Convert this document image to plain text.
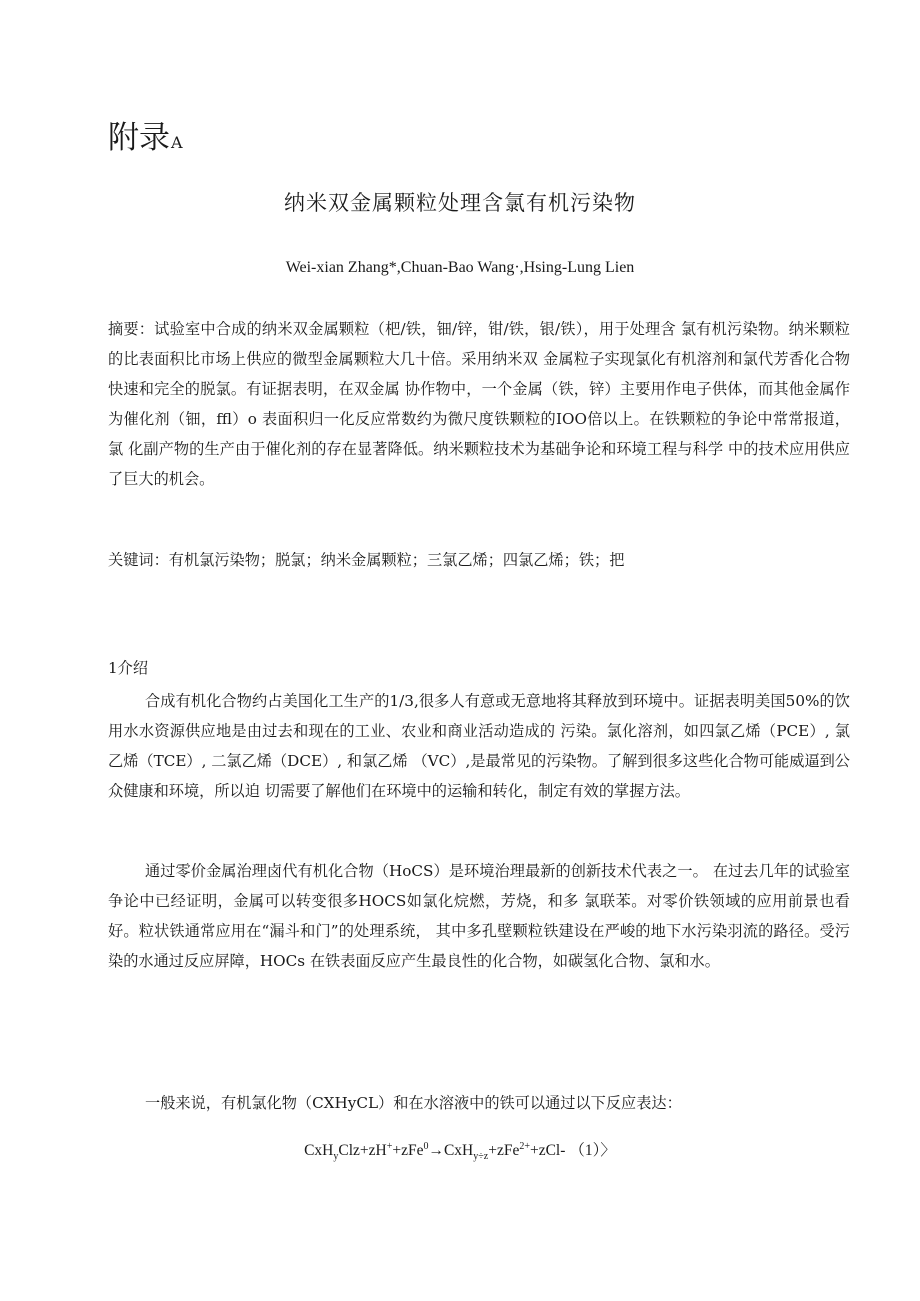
附录A
纳米双金属颗粒处理含氯有机污染物
Wei-xian Zhang*,Chuan-Bao Wang·,Hsing-Lung Lien

摘要：试验室中合成的纳米双金属颗粒（杷/铁，钿/锌，钳/铁，银/铁），用于处理含 氯有机污染物。纳米颗粒的比表面积比市场上供应的微型金属颗粒大几十倍。采用纳米双 金属粒子实现氯化有机溶剂和氯代芳香化合物快速和完全的脱氯。有证据表明，在双金属 协作物中，一个金属（铁，锌）主要用作电子供体，而其他金属作为催化剂（钿，ffl）o 表面积归一化反应常数约为微尺度铁颗粒的IOO倍以上。在铁颗粒的争论中常常报道，氯 化副产物的生产由于催化剂的存在显著降低。纳米颗粒技术为基础争论和环境工程与科学 中的技术应用供应了巨大的机会。

关键词：有机氯污染物；脱氯；纳米金属颗粒；三氯乙烯；四氯乙烯；铁；把

1介绍

合成有机化合物约占美国化工生产的1/3,很多人有意或无意地将其释放到环境中。证据表明美国50%的饮用水水资源供应地是由过去和现在的工业、农业和商业活动造成的 污染。氯化溶剂，如四氯乙烯（PCE）, 氯乙烯（TCE）, 二氯乙烯（DCE）, 和氯乙烯 （VC）,是最常见的污染物。了解到很多这些化合物可能威逼到公众健康和环境，所以迫 切需要了解他们在环境中的运输和转化，制定有效的掌握方法。

通过零价金属治理卤代有机化合物（HoCS）是环境治理最新的创新技术代表之一。 在过去几年的试验室争论中已经证明，金属可以转变很多HOCS如氯化烷燃，芳烧，和多 氯联苯。对零价铁领域的应用前景也看好。粒状铁通常应用在“漏斗和门”的处理系统， 其中多孔壁颗粒铁建设在严峻的地下水污染羽流的路径。受污染的水通过反应屏障，HOCs 在铁表面反应产生最良性的化合物，如碳氢化合物、氯和水。

一般来说，有机氯化物（CXHyCL）和在水溶液中的铁可以通过以下反应表达：

CxH$_y$Clz+zH++zFe$^0$→CxH$_{y\div z}$+zFe$^{2+}$+zCl- （1）〉
